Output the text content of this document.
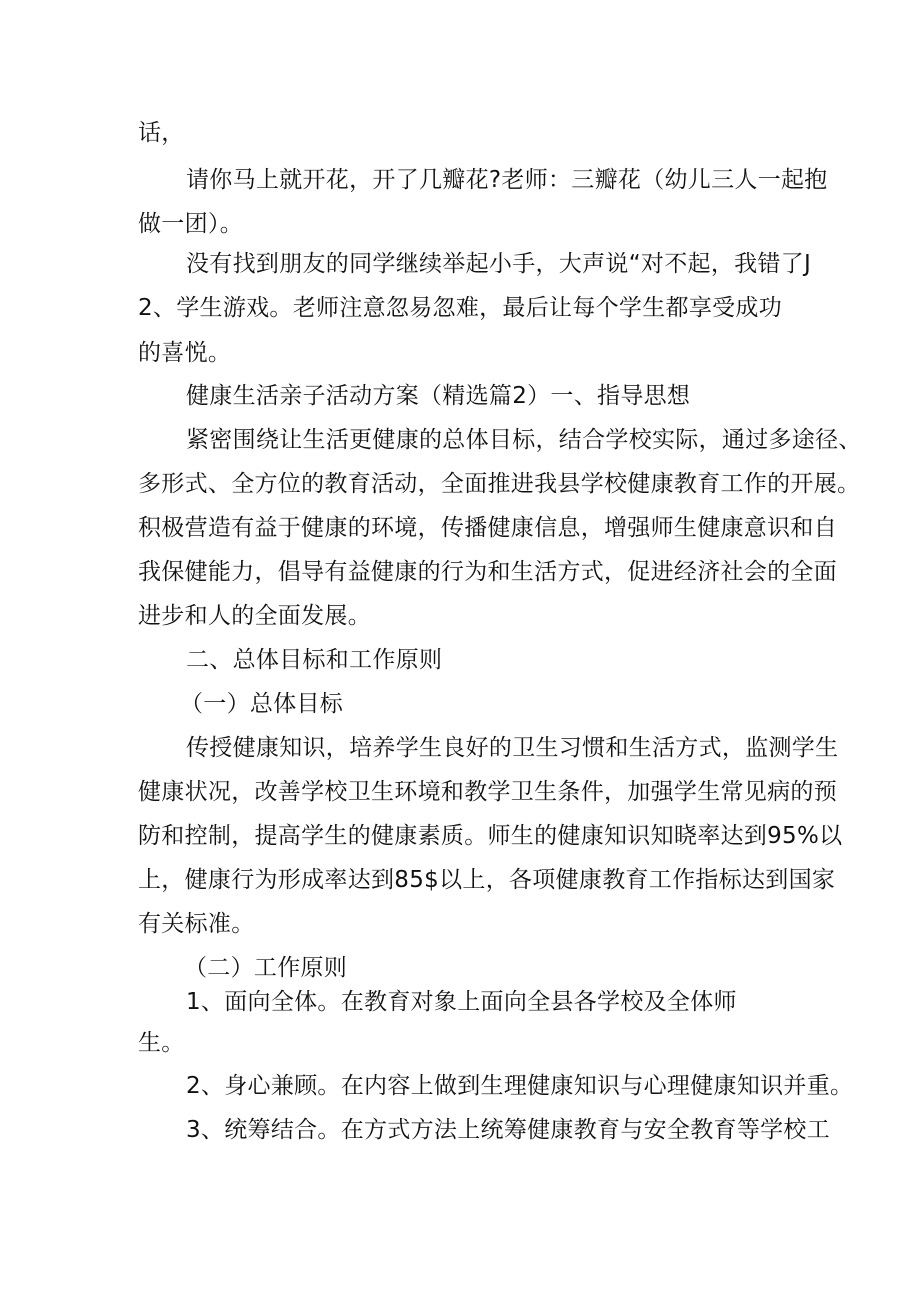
话，
请你马上就开花，开了几瓣花?老师：三瓣花（幼儿三人一起抱
做一团）。
没有找到朋友的同学继续举起小手，大声说“对不起，我错了J
2、学生游戏。老师注意忽易忽难，最后让每个学生都享受成功
的喜悦。
健康生活亲子活动方案（精选篇2）一、指导思想
紧密围绕让生活更健康的总体目标，结合学校实际，通过多途径、
多形式、全方位的教育活动，全面推进我县学校健康教育工作的开展。
积极营造有益于健康的环境，传播健康信息，增强师生健康意识和自
我保健能力，倡导有益健康的行为和生活方式，促进经济社会的全面
进步和人的全面发展。
二、总体目标和工作原则
（一）总体目标
传授健康知识，培养学生良好的卫生习惯和生活方式，监测学生
健康状况，改善学校卫生环境和教学卫生条件，加强学生常见病的预
防和控制，提高学生的健康素质。师生的健康知识知晓率达到95%以
上，健康行为形成率达到85$以上，各项健康教育工作指标达到国家
有关标准。
（二）工作原则
1、面向全体。在教育对象上面向全县各学校及全体师
生。
2、身心兼顾。在内容上做到生理健康知识与心理健康知识并重。
3、统筹结合。在方式方法上统筹健康教育与安全教育等学校工
